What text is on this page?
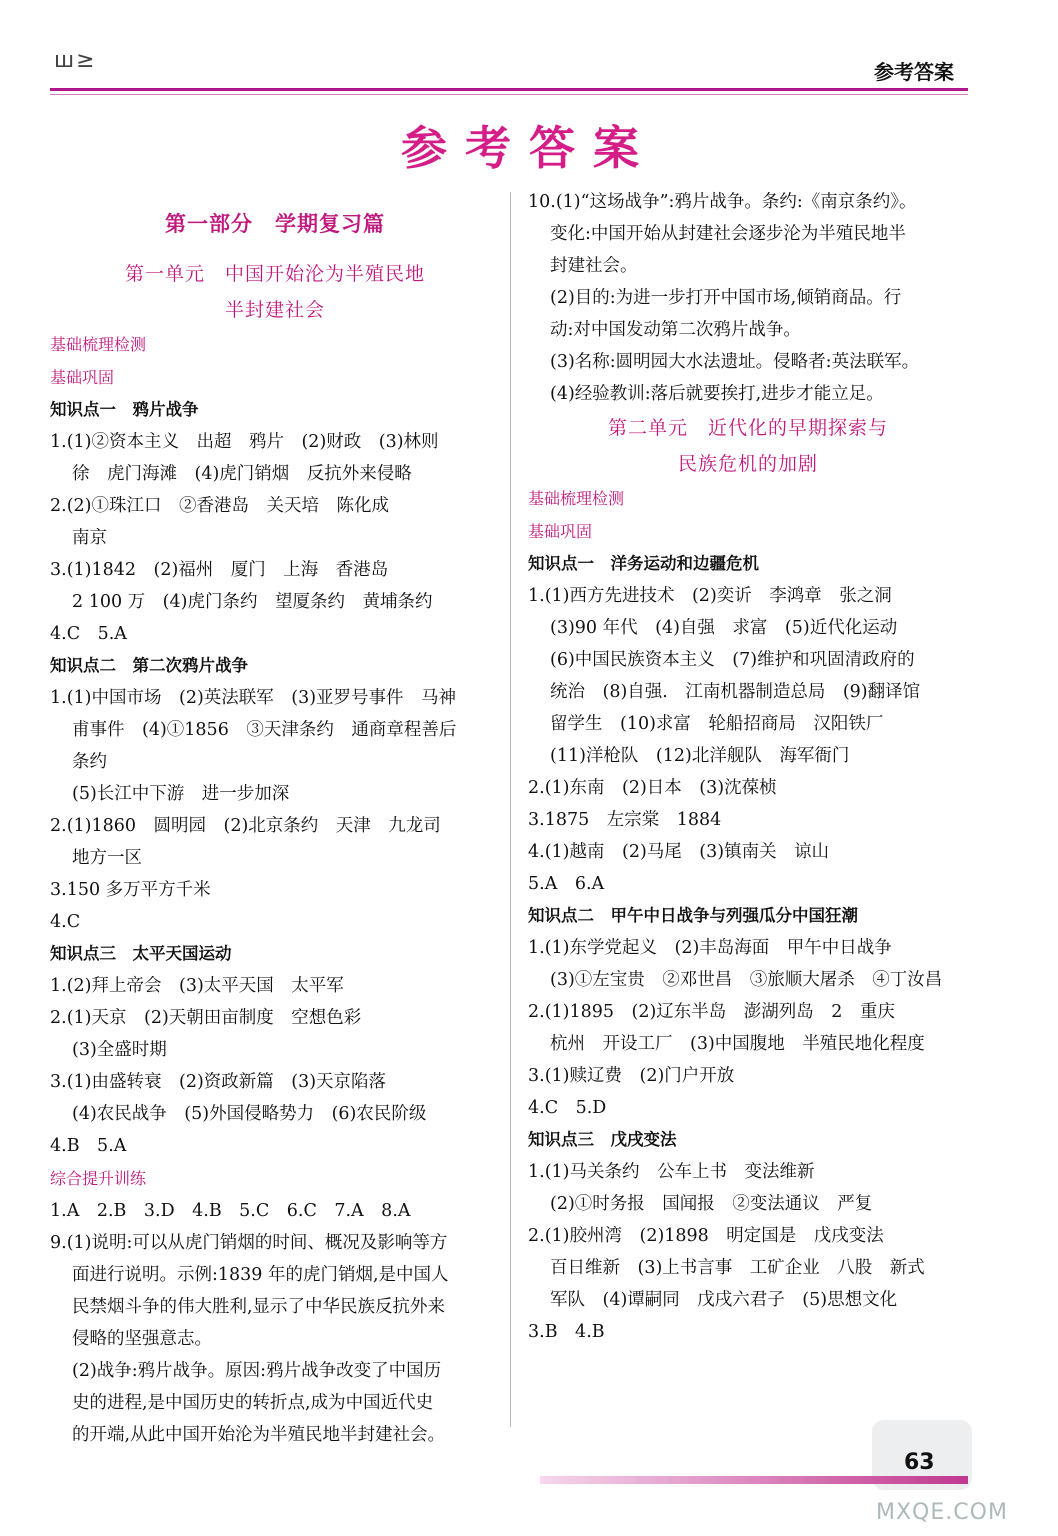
ш≥	参考答案
参考答案
第一部分　学期复习篇
第一单元　中国开始沦为半殖民地
半封建社会
基础梳理检测
基础巩固
知识点一　鸦片战争
1.(1)②资本主义　出超　鸦片　(2)财政　(3)林则
徐　虎门海滩　(4)虎门销烟　反抗外来侵略
2.(2)①珠江口　②香港岛　关天培　陈化成
南京
3.(1)1842　(2)福州　厦门　上海　香港岛
2 100 万　(4)虎门条约　望厦条约　黄埔条约
4.C　5.A
知识点二　第二次鸦片战争
1.(1)中国市场　(2)英法联军　(3)亚罗号事件　马神
甫事件　(4)①1856　③天津条约　通商章程善后
条约
(5)长江中下游　进一步加深
2.(1)1860　圆明园　(2)北京条约　天津　九龙司
地方一区
3.150 多万平方千米
4.C
知识点三　太平天国运动
1.(2)拜上帝会　(3)太平天国　太平军
2.(1)天京　(2)天朝田亩制度　空想色彩
(3)全盛时期
3.(1)由盛转衰　(2)资政新篇　(3)天京陷落
(4)农民战争　(5)外国侵略势力　(6)农民阶级
4.B　5.A
综合提升训练
1.A　2.B　3.D　4.B　5.C　6.C　7.A　8.A
9.(1)说明:可以从虎门销烟的时间、概况及影响等方
面进行说明。示例:1839 年的虎门销烟,是中国人
民禁烟斗争的伟大胜利,显示了中华民族反抗外来
侵略的坚强意志。
(2)战争:鸦片战争。原因:鸦片战争改变了中国历
史的进程,是中国历史的转折点,成为中国近代史
的开端,从此中国开始沦为半殖民地半封建社会。
10.(1)“这场战争”:鸦片战争。条约:《南京条约》。
变化:中国开始从封建社会逐步沦为半殖民地半
封建社会。
(2)目的:为进一步打开中国市场,倾销商品。行
动:对中国发动第二次鸦片战争。
(3)名称:圆明园大水法遗址。侵略者:英法联军。
(4)经验教训:落后就要挨打,进步才能立足。
第二单元　近代化的早期探索与
民族危机的加剧
基础梳理检测
基础巩固
知识点一　洋务运动和边疆危机
1.(1)西方先进技术　(2)奕䜣　李鸿章　张之洞
(3)90 年代　(4)自强　求富　(5)近代化运动
(6)中国民族资本主义　(7)维护和巩固清政府的
统治　(8)自强.　江南机器制造总局　(9)翻译馆
留学生　(10)求富　轮船招商局　汉阳铁厂
(11)洋枪队　(12)北洋舰队　海军衙门
2.(1)东南　(2)日本　(3)沈葆桢
3.1875　左宗棠　1884
4.(1)越南　(2)马尾　(3)镇南关　谅山
5.A　6.A
知识点二　甲午中日战争与列强瓜分中国狂潮
1.(1)东学党起义　(2)丰岛海面　甲午中日战争
(3)①左宝贵　②邓世昌　③旅顺大屠杀　④丁汝昌
2.(1)1895　(2)辽东半岛　澎湖列岛　2　重庆
杭州　开设工厂　(3)中国腹地　半殖民地化程度
3.(1)赎辽费　(2)门户开放
4.C　5.D
知识点三　戊戌变法
1.(1)马关条约　公车上书　变法维新
(2)①时务报　国闻报　②变法通议　严复
2.(1)胶州湾　(2)1898　明定国是　戊戌变法
百日维新　(3)上书言事　工矿企业　八股　新式
军队　(4)谭嗣同　戊戌六君子　(5)思想文化
3.B　4.B
63
MXQE.COM
